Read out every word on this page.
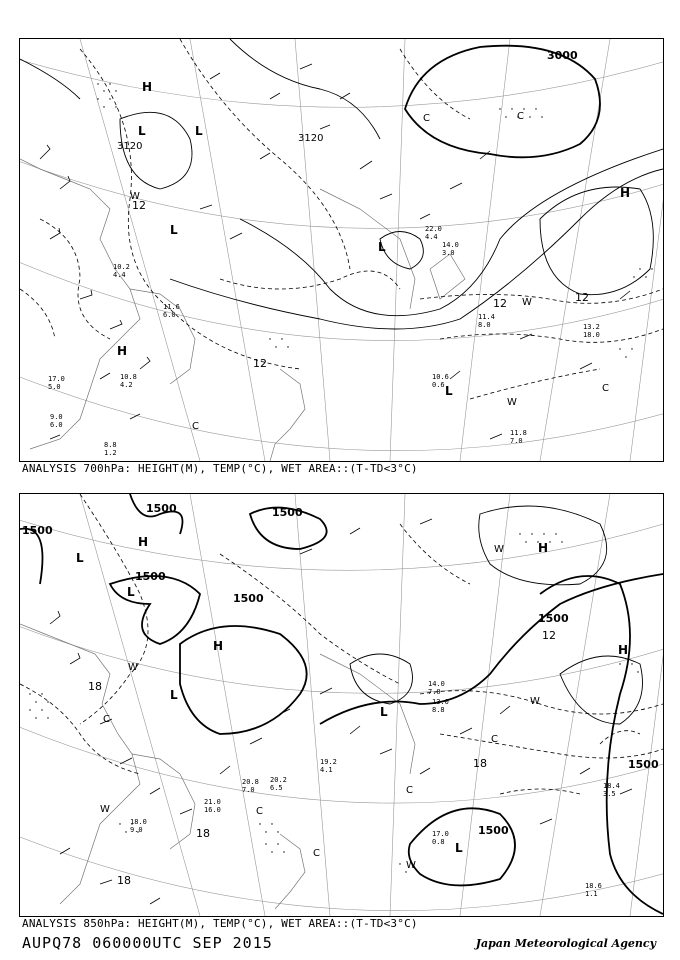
3000
3120
3120
12
12	12
12
H
H
H
L	L
L
L
L
W
W
W
C	C
C
C
11.4 8.0	13.2 18.0
11.8 7.0
10.6 0.6
8.8 1.2
17.0 5.0
9.0 6.0
10.2 4.4
11.6 6.0
22.0 4.4
14.0 3.0
10.8 4.2
ANALYSIS 700hPa: HEIGHT(M), TEMP(°C), WET AREA::(T-TD<3°C)
1500
1500	1500
1500
1500
1500
1500
1500
12
18
18
18
18
H	H
H	H
L
L
L
L
L
W
W
W
W
W
C
C
C
C
C
18.4 3.5
17.0 0.8
18.6 1.1
21.0 16.0
20.8 7.0
18.0 9.0
20.2 6.5
19.2 4.1
14.0 7.0
13.0 8.8
ANALYSIS 850hPa: HEIGHT(M), TEMP(°C), WET AREA::(T-TD<3°C)
AUPQ78 060000UTC SEP 2015	Japan Meteorological Agency
